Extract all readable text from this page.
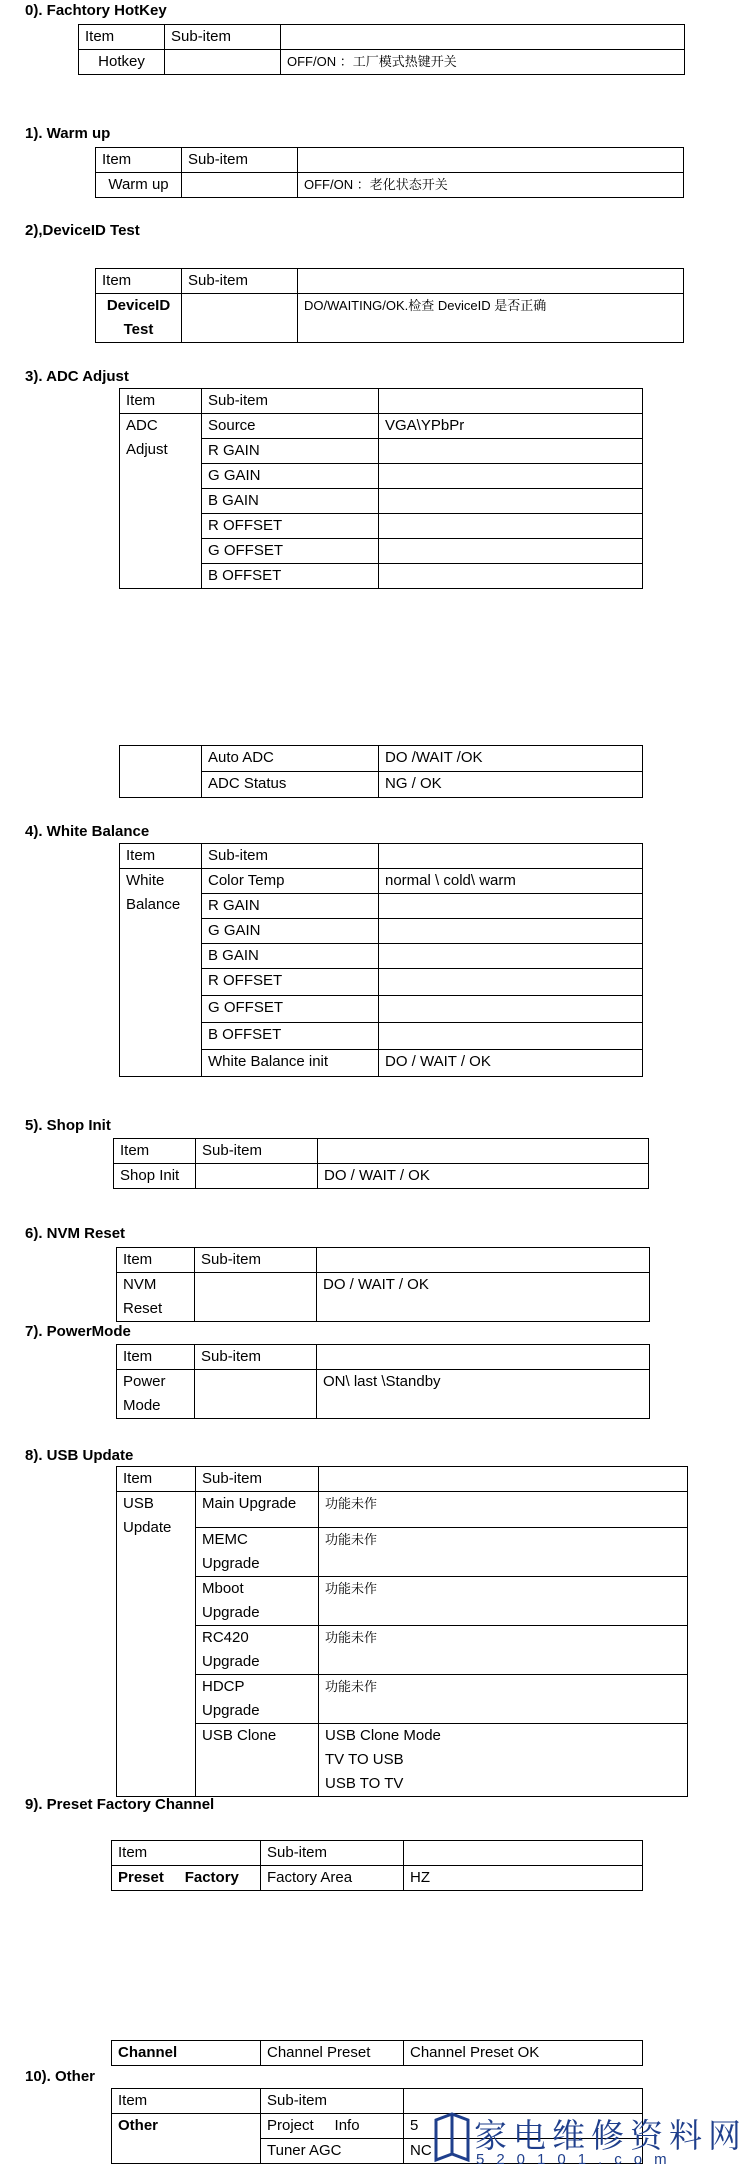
0). Fachtory HotKey
Item	Sub-item	
Hotkey		OFF/ON ：工厂模式热键开关
1). Warm up
Item	Sub-item	
Warm up		OFF/ON ：老化状态开关
2),DeviceID Test
Item	Sub-item	
DeviceID
Test		DO/WAITING/OK.检查 DeviceID 是否正确
3). ADC Adjust
Item	Sub-item	
ADC
Adjust	Source	VGA\YPbPr
	R GAIN	
	G GAIN	
	B GAIN	
	R OFFSET	
	G OFFSET	
	B OFFSET	
	Auto ADC	DO /WAIT /OK
	ADC Status	NG / OK
4). White Balance
Item	Sub-item	
White
Balance	Color Temp	normal \ cold\ warm
	R GAIN	
	G GAIN	
	B GAIN	
	R OFFSET	
	G OFFSET	
	B OFFSET	
	White Balance init	DO / WAIT / OK
5). Shop Init
Item	Sub-item	
Shop Init		DO / WAIT / OK
6). NVM Reset
Item	Sub-item	
NVM
Reset		DO / WAIT / OK
7). PowerMode
Item	Sub-item	
Power
Mode		ON\ last \Standby
8). USB Update
Item	Sub-item	
USB
Update	Main Upgrade	功能未作
	MEMC
Upgrade	功能未作
	Mboot
Upgrade	功能未作
	RC420
Upgrade	功能未作
	HDCP
Upgrade	功能未作
	USB Clone	USB Clone Mode
TV TO USB
USB TO TV
9). Preset Factory Channel
Item	Sub-item	
Preset     Factory	Factory Area	HZ
Channel	Channel Preset	Channel Preset OK
10). Other
Item	Sub-item	
Other	Project     Info	5
	Tuner AGC	NC 家电维修资料网
520101.com
